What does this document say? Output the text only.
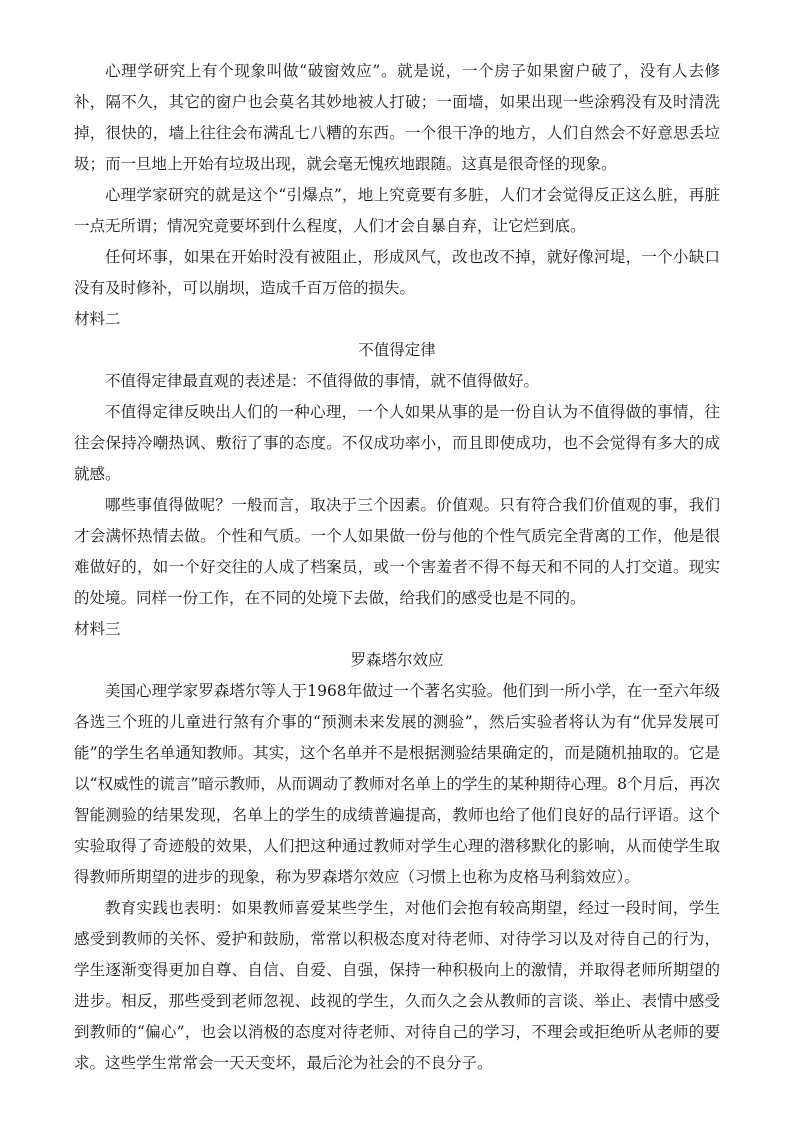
心理学研究上有个现象叫做“破窗效应”。就是说，一个房子如果窗户破了，没有人去修补，隔不久，其它的窗户也会莫名其妙地被人打破；一面墙，如果出现一些涂鸦没有及时清洗掉，很快的，墙上往往会布满乱七八糟的东西。一个很干净的地方，人们自然会不好意思丢垃圾；而一旦地上开始有垃圾出现，就会毫无愧疚地跟随。这真是很奇怪的现象。

心理学家研究的就是这个“引爆点”，地上究竟要有多脏，人们才会觉得反正这么脏，再脏一点无所谓；情况究竟要坏到什么程度，人们才会自暴自弃，让它烂到底。

任何坏事，如果在开始时没有被阻止，形成风气，改也改不掉，就好像河堤，一个小缺口没有及时修补，可以崩坝，造成千百万倍的损失。

材料二
不值得定律

不值得定律最直观的表述是：不值得做的事情，就不值得做好。

不值得定律反映出人们的一种心理，一个人如果从事的是一份自认为不值得做的事情，往往会保持冷嘲热讽、敷衍了事的态度。不仅成功率小，而且即使成功，也不会觉得有多大的成就感。

哪些事值得做呢？一般而言，取决于三个因素。价值观。只有符合我们价值观的事，我们才会满怀热情去做。个性和气质。一个人如果做一份与他的个性气质完全背离的工作，他是很难做好的，如一个好交往的人成了档案员，或一个害羞者不得不每天和不同的人打交道。现实的处境。同样一份工作，在不同的处境下去做，给我们的感受也是不同的。

材料三
罗森塔尔效应

美国心理学家罗森塔尔等人于1968年做过一个著名实验。他们到一所小学，在一至六年级各选三个班的儿童进行煞有介事的“预测未来发展的测验”，然后实验者将认为有“优异发展可能”的学生名单通知教师。其实，这个名单并不是根据测验结果确定的，而是随机抽取的。它是以“权威性的谎言”暗示教师，从而调动了教师对名单上的学生的某种期待心理。8个月后，再次智能测验的结果发现，名单上的学生的成绩普遍提高，教师也给了他们良好的品行评语。这个实验取得了奇迹般的效果，人们把这种通过教师对学生心理的潜移默化的影响，从而使学生取得教师所期望的进步的现象，称为罗森塔尔效应（习惯上也称为皮格马利翁效应）。

教育实践也表明：如果教师喜爱某些学生，对他们会抱有较高期望，经过一段时间，学生感受到教师的关怀、爱护和鼓励，常常以积极态度对待老师、对待学习以及对待自己的行为，学生逐渐变得更加自尊、自信、自爱、自强，保持一种积极向上的激情，并取得老师所期望的进步。相反，那些受到老师忽视、歧视的学生，久而久之会从教师的言谈、举止、表情中感受到教师的“偏心”，也会以消极的态度对待老师、对待自己的学习，不理会或拒绝听从老师的要求。这些学生常常会一天天变坏，最后沦为社会的不良分子。
